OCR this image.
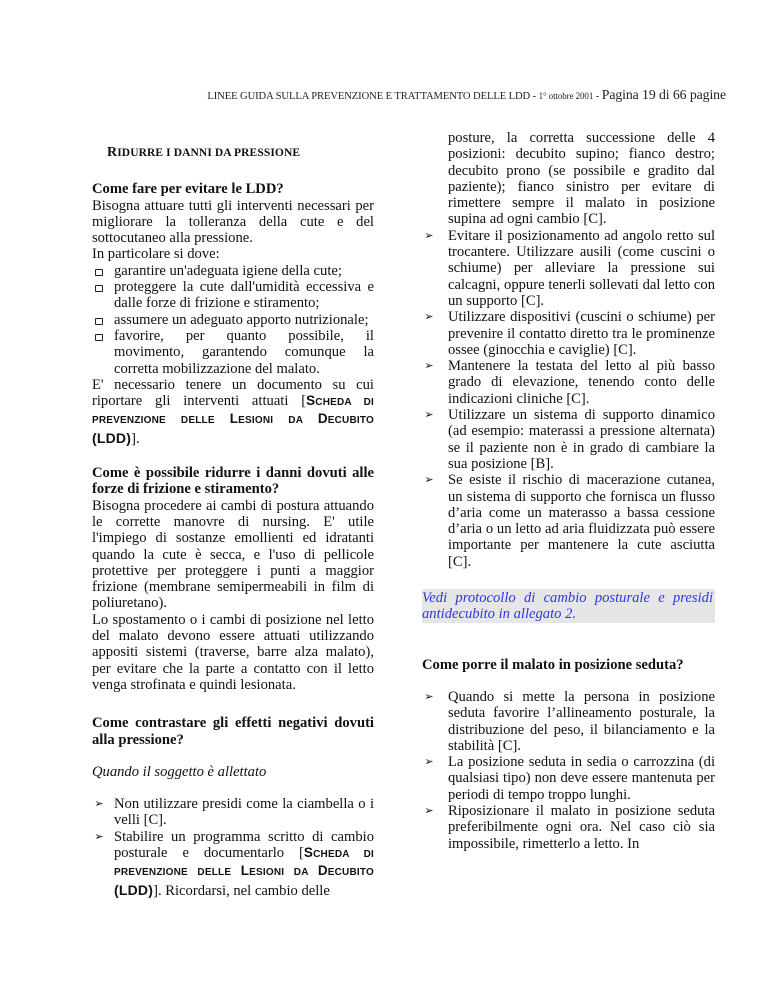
LINEE GUIDA SULLA PREVENZIONE E TRATTAMENTO DELLE LDD - 1° ottobre 2001 - Pagina 19 di 66 pagine
RIDURRE I DANNI DA PRESSIONE

Come fare per evitare le LDD?

Bisogna attuare tutti gli interventi necessari per migliorare la tolleranza della cute e del sottocutaneo alla pressione.

In particolare si dove:

garantire un'adeguata igiene della cute;
proteggere la cute dall'umidità eccessiva e dalle forze di frizione e stiramento;
assumere un adeguato apporto nutrizionale;
favorire, per quanto possibile, il movimento, garantendo comunque la corretta mobilizzazione del malato.

E' necessario tenere un documento su cui riportare gli interventi attuati [SCHEDA DI PREVENZIONE DELLE LESIONI DA DECUBITO (LDD)].

Come è possibile ridurre i danni dovuti alle forze di frizione e stiramento?

Bisogna procedere ai cambi di postura attuando le corrette manovre di nursing. E' utile l'impiego di sostanze emollienti ed idratanti quando la cute è secca, e l'uso di pellicole protettive per proteggere i punti a maggior frizione (membrane semipermeabili in film di poliuretano).

Lo spostamento o i cambi di posizione nel letto del malato devono essere attuati utilizzando appositi sistemi (traverse, barre alza malato), per evitare che la parte a contatto con il letto venga strofinata e quindi lesionata.

Come contrastare gli effetti negativi dovuti alla pressione?

Quando il soggetto è allettato

➢ Non utilizzare presidi come la ciambella o i velli [C].
➢ Stabilire un programma scritto di cambio posturale e documentarlo [SCHEDA DI PREVENZIONE DELLE LESIONI DA DECUBITO (LDD)]. Ricordarsi, nel cambio delle

posture, la corretta successione delle 4 posizioni: decubito supino; fianco destro; decubito prono (se possibile e gradito dal paziente); fianco sinistro per evitare di rimettere sempre il malato in posizione supina ad ogni cambio [C].

➢ Evitare il posizionamento ad angolo retto sul trocantere. Utilizzare ausili (come cuscini o schiume) per alleviare la pressione sui calcagni, oppure tenerli sollevati dal letto con un supporto [C].
➢ Utilizzare dispositivi (cuscini o schiume) per prevenire il contatto diretto tra le prominenze ossee (ginocchia e caviglie) [C].
➢ Mantenere la testata del letto al più basso grado di elevazione, tenendo conto delle indicazioni cliniche [C].
➢ Utilizzare un sistema di supporto dinamico (ad esempio: materassi a pressione alternata) se il paziente non è in grado di cambiare la sua posizione [B].
➢ Se esiste il rischio di macerazione cutanea, un sistema di supporto che fornisca un flusso d’aria come un materasso a bassa cessione d’aria o un letto ad aria fluidizzata può essere importante per mantenere la cute asciutta [C].

Vedi protocollo di cambio posturale e presidi antidecubito in allegato 2.

Come porre il malato in posizione seduta?

➢ Quando si mette la persona in posizione seduta favorire l’allineamento posturale, la distribuzione del peso, il bilanciamento e la stabilità [C].
➢ La posizione seduta in sedia o carrozzina (di qualsiasi tipo) non deve essere mantenuta per periodi di tempo troppo lunghi.
➢ Riposizionare il malato in posizione seduta preferibilmente ogni ora. Nel caso ciò sia impossibile, rimetterlo a letto. In
